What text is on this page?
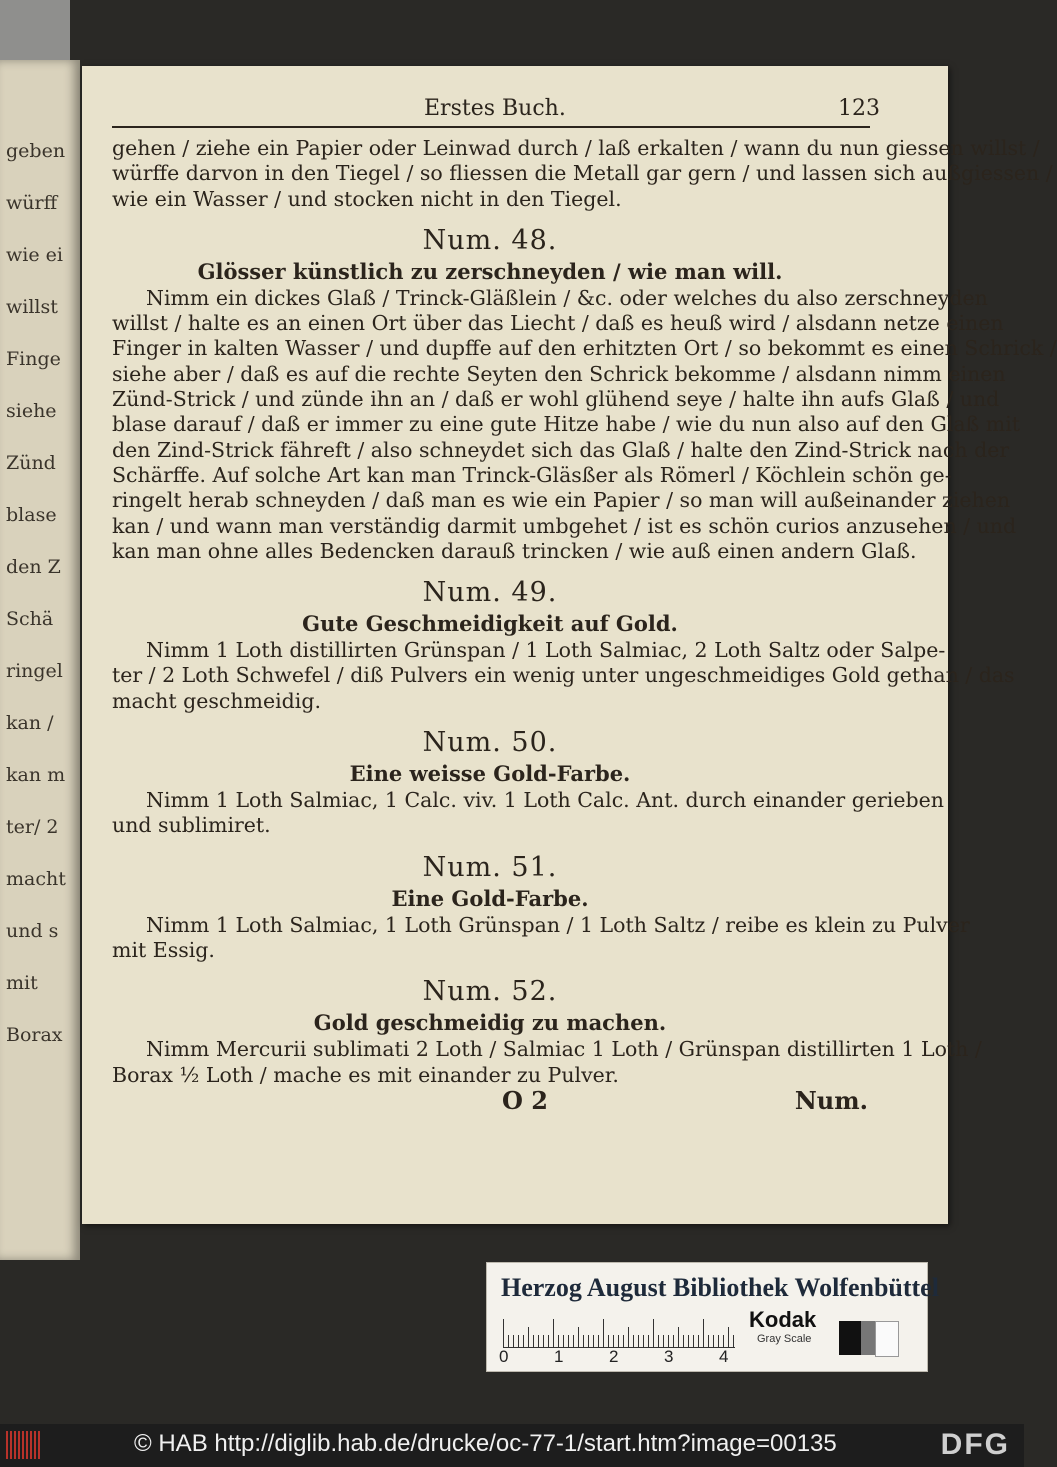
geben
würff
wie ei
willst
Finge
siehe
Zünd
blase
den Z
Schä
ringel
kan /
kan m
ter/ 2
macht
und s
mit
Borax
Erstes Buch.	123
gehen / ziehe ein Papier oder Leinwad durch / laß erkalten / wann du nun giessen willst /
würffe darvon in den Tiegel / so fliessen die Metall gar gern / und lassen sich außgiessen /
wie ein Wasser / und stocken nicht in den Tiegel.
Num. 48.
Glösser künstlich zu zerschneyden / wie man will.
Nimm ein dickes Glaß / Trinck-Gläßlein / &c. oder welches du also zerschneyden
willst / halte es an einen Ort über das Liecht / daß es heuß wird / alsdann netze einen
Finger in kalten Wasser / und dupffe auf den erhitzten Ort / so bekommt es einen Schrick /
siehe aber / daß es auf die rechte Seyten den Schrick bekomme / alsdann nimm einen
Zünd-Strick / und zünde ihn an / daß er wohl glühend seye / halte ihn aufs Glaß / und
blase darauf / daß er immer zu eine gute Hitze habe / wie du nun also auf den Glaß mit
den Zind-Strick fähreft / also schneydet sich das Glaß / halte den Zind-Strick nach der
Schärffe. Auf solche Art kan man Trinck-Gläsßer als Römerl / Köchlein schön ge-
ringelt herab schneyden / daß man es wie ein Papier / so man will außeinander ziehen
kan / und wann man verständig darmit umbgehet / ist es schön curios anzusehen / und
kan man ohne alles Bedencken darauß trincken / wie auß einen andern Glaß.
Num. 49.
Gute Geschmeidigkeit auf Gold.
Nimm 1 Loth distillirten Grünspan / 1 Loth Salmiac, 2 Loth Saltz oder Salpe-
ter / 2 Loth Schwefel / diß Pulvers ein wenig unter ungeschmeidiges Gold gethan / das
macht geschmeidig.
Num. 50.
Eine weisse Gold-Farbe.
Nimm 1 Loth Salmiac, 1 Calc. viv. 1 Loth Calc. Ant. durch einander gerieben
und sublimiret.
Num. 51.
Eine Gold-Farbe.
Nimm 1 Loth Salmiac, 1 Loth Grünspan / 1 Loth Saltz / reibe es klein zu Pulver
mit Essig.
Num. 52.
Gold geschmeidig zu machen.
Nimm Mercurii sublimati 2 Loth / Salmiac 1 Loth / Grünspan distillirten 1 Loth /
Borax ½ Loth / mache es mit einander zu Pulver.
O 2	Num.
Herzog August Bibliothek Wolfenbüttel
0	1	2	3	4
Kodak
Gray Scale
© HAB http://diglib.hab.de/drucke/oc-77-1/start.htm?image=00135	DFG
